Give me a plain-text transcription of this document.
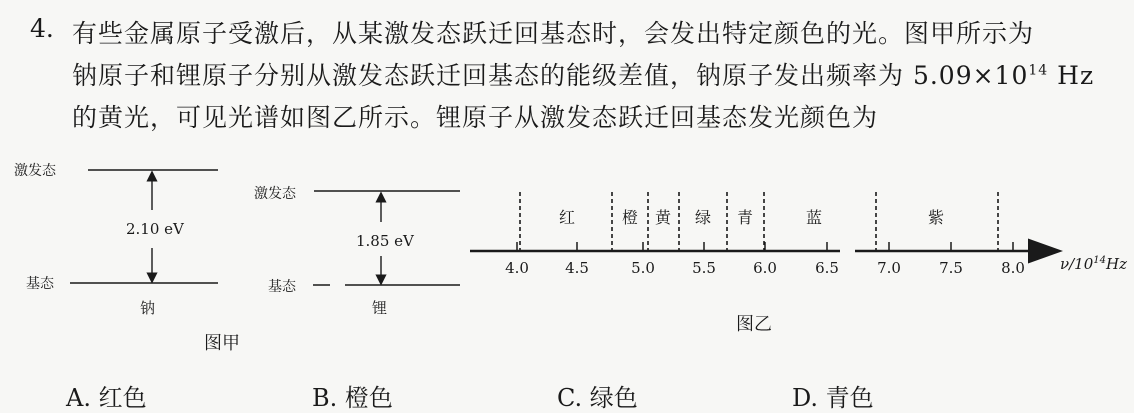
4. 有些金属原子受激后，从某激发态跃迁回基态时，会发出特定颜色的光。图甲所示为
钠原子和锂原子分别从激发态跃迁回基态的能级差值，钠原子发出频率为 $5.09\times 10^{14}$ Hz
的黄光，可见光谱如图乙所示。锂原子从激发态跃迁回基态发光颜色为
4.0 4.5	5.0 5.5 6.0	6.5	7.0	7.5	8.0
红	橙 黄 绿 青	蓝	紫
激发态
基态
2.10 eV
钠
激发态
基态
1.85 eV
锂
图甲
$\nu/10^{14}Hz$
图乙
A. 红色	B. 橙色	C. 绿色	D. 青色
